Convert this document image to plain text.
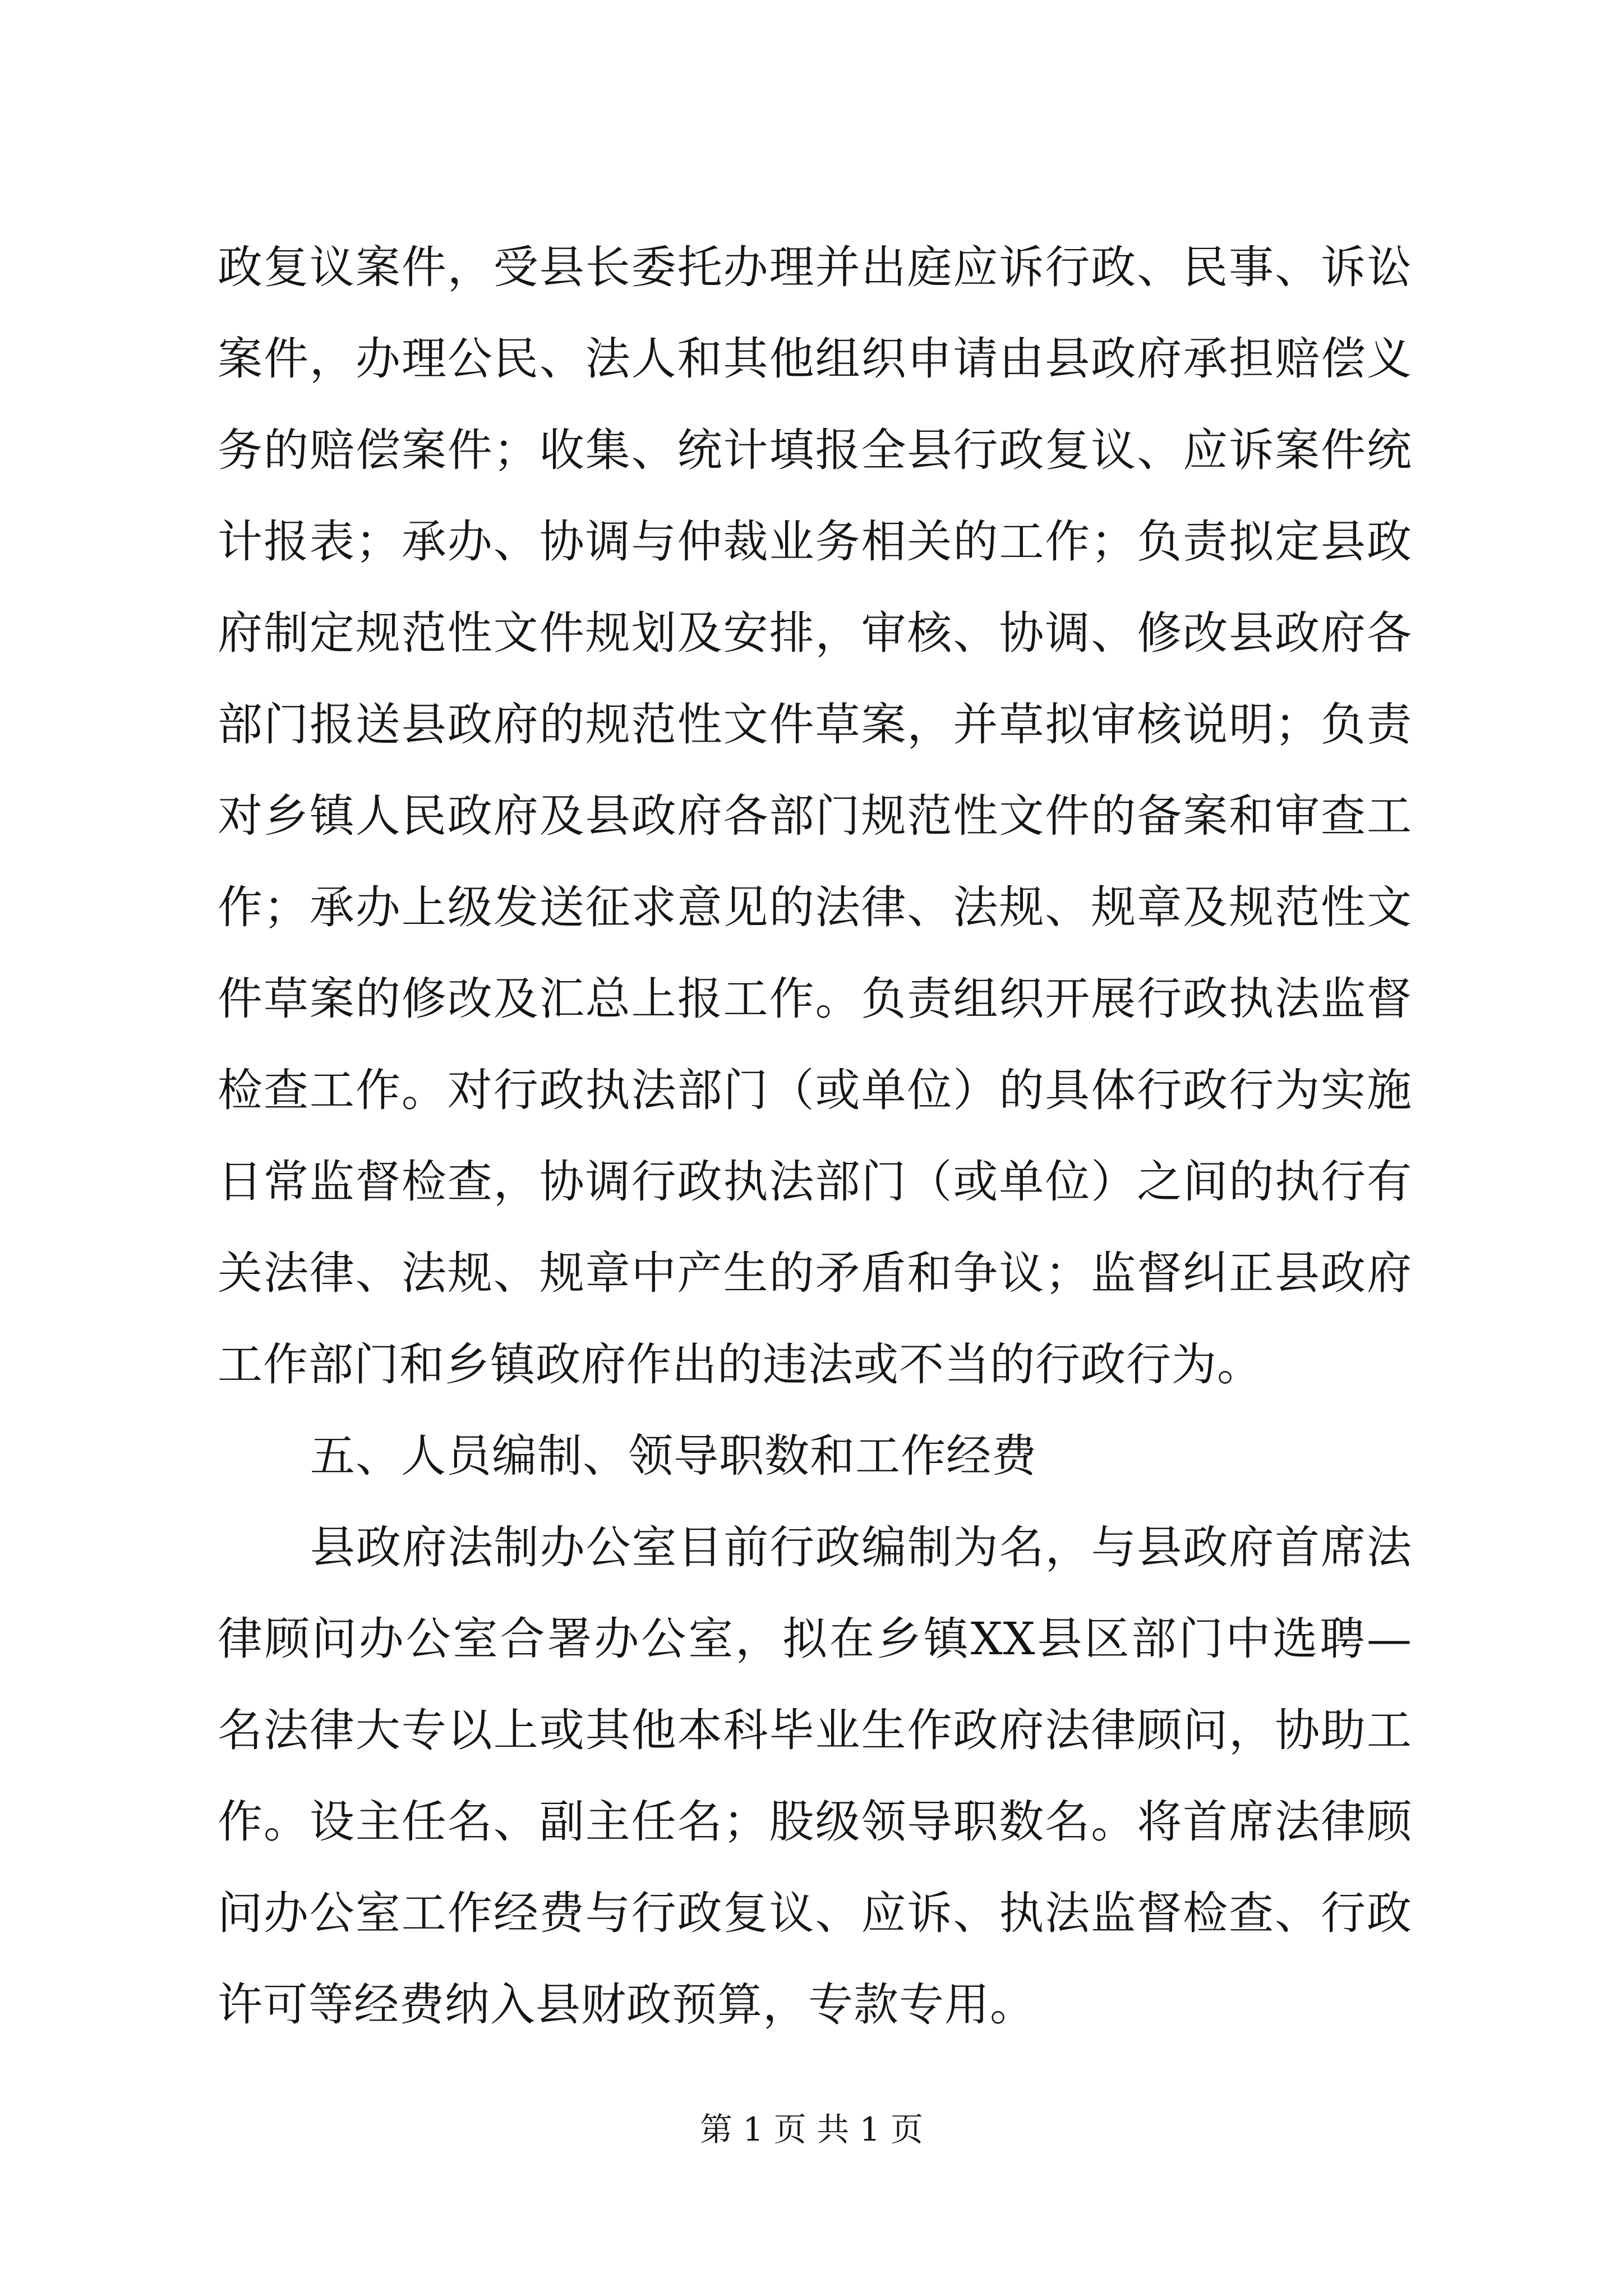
政复议案件，受县长委托办理并出庭应诉行政、民事、诉讼案件，办理公民、法人和其他组织申请由县政府承担赔偿义务的赔偿案件；收集、统计填报全县行政复议、应诉案件统计报表；承办、协调与仲裁业务相关的工作；负责拟定县政府制定规范性文件规划及安排，审核、协调、修改县政府各部门报送县政府的规范性文件草案，并草拟审核说明；负责对乡镇人民政府及县政府各部门规范性文件的备案和审查工作；承办上级发送征求意见的法律、法规、规章及规范性文件草案的修改及汇总上报工作。负责组织开展行政执法监督检查工作。对行政执法部门（或单位）的具体行政行为实施日常监督检查，协调行政执法部门（或单位）之间的执行有关法律、法规、规章中产生的矛盾和争议；监督纠正县政府工作部门和乡镇政府作出的违法或不当的行政行为。

五、人员编制、领导职数和工作经费

县政府法制办公室目前行政编制为名，与县政府首席法律顾问办公室合署办公室，拟在乡镇XX县区部门中选聘—名法律大专以上或其他本科毕业生作政府法律顾问，协助工作。设主任名、副主任名；股级领导职数名。将首席法律顾问办公室工作经费与行政复议、应诉、执法监督检查、行政许可等经费纳入县财政预算，专款专用。

第 1 页 共 1 页
